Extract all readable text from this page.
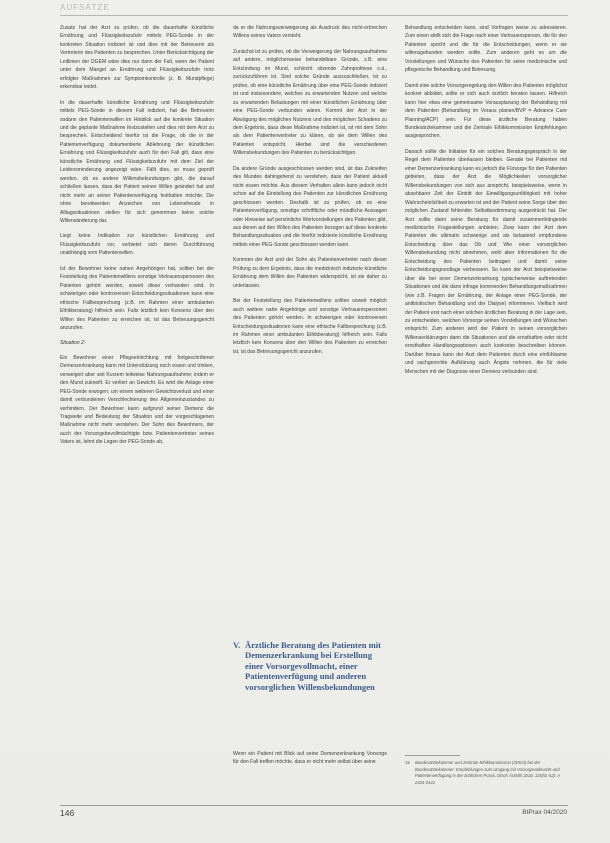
AUFSÄTZE

Zusatz hat der Arzt zu prüfen, ob die dauerhafte künstliche Ernährung und Flüssigkeitszufuhr mittels PEG-Sonde in der konkreten Situation indiziert ist und dies mit der Betreuerin als Vertreterin des Patienten zu besprechen. Unter Berücksichtigung der Leitlinien der DGEM wäre dies nur dann der Fall, wenn der Patient unter dem Mangel an Ernährung und Flüssigkeitszufuhr trotz erfolgter Maßnahmen zur Symptomkontrolle (z. B. Mundpflege) erkennbar leidet.

In die dauerhafte künstliche Ernährung und Flüssigkeitszufuhr mittels PEG-Sonde in diesem Fall indiziert, hat die Betreuerin sodann den Patientenwillen im Hinblick auf die konkrete Situation und die geplante Maßnahme festzustellen und dies mit dem Arzt zu besprechen. Entscheidend hierfür ist die Frage, ob die in der Patientenverfügung dokumentierte Ablehnung der künstlichen Ernährung und Flüssigkeitszufuhr auch für den Fall gilt, dass eine künstliche Ernährung und Flüssigkeitszufuhr mit dem Ziel der Leidensminderung angezeigt wäre. Fällt dies, so muss geprüft werden, ob es andere Willensbekundungen gibt, die darauf schließen lassen, dass der Patient seinen Willen geändert hat und nicht mehr an seiner Patientenverfügung festhalten möchte. Die ohne bereitwenten Anzeichen von Lebensfreude in Alltagssituationen stellen für sich genommen keine solche Willensänderung dar.

Liegt keine Indikation zur künstlichen Ernährung und Flüssigkeitszufuhr vor, verbietet sich deren Durchführung unabhängig vom Patientenwillen.

Ist der Bewohner keine nahen Angehörigen hat, sollten bei der Feststellung des Patientenwillens sonstige Vertrauenspersonen des Patienten gehört werden, soweit diese vorhanden sind. In schwierigen oder kontroversen Entscheidungssituationen kann eine ethische Fallbesprechung (z.B. im Rahmen einer ambulanten Ethikberatung) hilfreich sein. Falls letztlich kein Konsens über den Willen des Patienten zu erreichen ist, ist das Betreuungsgericht anzurufen.

Situation 2:

Ein Bewohner einer Pflegeeinrichtung mit fortgeschrittener Demenzerkrankung kann mit Unterstützung noch essen und trinken, verweigert aber seit Kurzem teilweise Nahrungsaufnahme; indem er den Mund zukneift. Er verliert an Gewicht. Es wird die Anlage einer PEG-Sonde erwogen; um einem weiteren Gewichtsverlust und einer damit verbundenen Verschlechterung des Allgemeinzustandes zu verhindern. Der Bewohner kann aufgrund seiner Demenz die Tragweite und Bedeutung der Situation und der vorgeschlagenen Maßnahme nicht mehr verstehen. Der Sohn des Bewohners, der auch der Vorsorgebevollmächtigte bzw. Patientenvertreter seines Vaters ist, lehnt die Legen der PEG-Sonde ab,

da er die Nahrungsverweigerung als Ausdruck des nicht-erbrechen Willens seines Vaters versteht.

Zunächst ist zu prüfen, ob die Verweigerung der Nahrungsaufnahme auf andere, möglicherweise behandelbare Gründe, z.B. eine Entzündung im Mund, schlecht sitzende Zahnprothese o.ä., zurückzuführen ist. Sind solche Gründe auszuschließen, ist zu prüfen, ob eine künstliche Ernährung über eine PEG-Sonde indiziert ist und insbesondere, welches zu erwartenden Nutzen und welche zu erwartenden Belastungen mit einer künstlichen Ernährung über eine PEG-Sonde verbunden wären. Kommt der Arzt in der Abwägung des möglichen Nutzens und des möglichen Schadens zu dem Ergebnis, dass diese Maßnahme indiziert ist, ist mit dem Sohn als dem Patientenvertreter zu klären, ob sie dem Willen des Patienten entspricht. Hierbei sind die verschiedenen Willensbekundungen des Patienten zu berücksichtigen.

Da andere Gründe ausgeschlossen werden sind, ist das Zukneifen des Mundes dahingehend zu verstehen, dass der Patient aktuell nicht essen möchte. Aus diesem Verhalten allein kann jedoch nicht schon auf die Einstellung des Patienten zur künstlichen Ernährung geschlossen werden. Deshalb ist zu prüfen, ob es eine Patientenverfügung, sonstige schriftliche oder mündliche Aussagen oder Hinweise auf persönliche Wertvorstellungen des Patienten gibt, aus denen auf den Willen des Patienten bezogen auf diese konkrete Behandlungssituation und die hierfür indizierte künstliche Ernährung mittels einer PEG-Sonde geschlossen werden kann.

Kommen der Arzt und der Sohn als Patientenvertreter nach dieser Prüfung zu dem Ergebnis, dass die medizinisch indizierte künstliche Ernährung dem Willen des Patienten widerspricht, ist sie daher zu unterlassen.

Bei der Feststellung des Patientenwillens sollten soweit möglich auch weitere nahe Angehörige und sonstige Vertrauenspersonen des Patienten gehört werden. In schwierigen oder kontroversen Entscheidungssituationen kann eine ethische Fallbesprechung (z.B. im Rahmen einer ambulanten Ethikberatung) hilfreich sein. Falls letztlich kein Konsens über den Willen des Patienten zu erreichen ist, ist das Betreuungsgericht anzurufen.

V. Ärztliche Beratung des Patienten mit Demenzerkrankung bei Erstellung einer Vorsorgevollmacht, einer Patientenverfügung und anderen vorsorglichen Willensbekundungen

Wenn ein Patient mit Blick auf seine Demenzerkrankung Vorsorge für den Fall treffen möchte, dass er nicht mehr selbst über seine

Behandlung entscheiden kann, sind Vorfragen weise zu adressieren. Zum einen stellt sich die Frage nach einer Vertrauensperson, die für den Patienten spricht und die für die Entscheidungen, wenn er sie willensgebunden werden sollte. Zum anderen geht es um die Vorstellungen und Wünsche des Patienten für seine medizinische und pflegerische Behandlung und Betreuung.

Damit eine solche Vorsorgeregelung den Willen des Patienten möglichst konkret abbildet, sollte er sich auch ärztlich beraten lassen. Hilfreich kann hier etwa eine gemeinsame Vorausplanung der Behandlung mit dem Patienten (Behandlung im Voraus planen/BVP = Advance Care Planning/ACP) sein. Für diese ärztliche Beratung haben Bundesärztekammer und die Zentrale Ethikkommission Empfehlungen ausgesprochen.

Danach sollte die Initiative für ein solches Beratungsgespräch in der Regel dem Patienten überlassen bleiben. Gerade bei Patienten mit einer Demenzerkrankung kann es jedoch die Fürsorge für den Patienten gebieten, dass der Arzt die Möglichkeiten vorsorglicher Willensbekundungen von sich aus anspricht, beispielsweise, wenn in absehbarer Zeit der Eintritt der Einwilligungsunfähigkeit mit hoher Wahrscheinlichkeit zu erwarten ist und der Patient seine Sorge über den möglichen Zustand fehlender Selbstbestimmung ausgedrückt hat. Der Arzt sollte dann seine Beratung für damit zusammenhängende medizinische Fragestellungen anbieten. Zwar kann der Arzt dem Patienten die ultimativ schwierige und als belastend empfundene Entscheidung über das Ob und Wie einer vorsorglichen Willensbekundung nicht abnehmen, wohl aber Informationen für die Entscheidung des Patienten beitragen und damit seine Entscheidungsgrundlage verbessern. So kann der Arzt beispielsweise über die bei einer Demenzerkrankung typischerweise auftretenden Situationen und die dann infrage kommenden Behandlungsmaßnahmen (wie z.B. Fragen der Ernährung, der Anlage einer PEG-Sonde, der antibiotischen Behandlung und der Dialyse) informieren. Vielfach wird der Patient erst nach einer solchen ärztlichen Beratung in der Lage sein, zu entscheiden, welchen Vorsorge seinen Vorstellungen und Wünschen entspricht. Zum anderen wird der Patient in seinen vorsorglichen Willenserklärungen dann die Situationen und die ernsthaften oder nicht ernsthaften Handlungsoptionen auch konkreter beschreiben können. Darüber hinaus kann der Arzt dem Patienten durch eine einfühlsame und sachgerechte Aufklärung auch Ängste nehmen, die für viele Menschen mit der Diagnose einer Demenz verbunden sind.

19 Bundesärztekammer und Zentrale Ethikkommission (ZEKO) bei der Bundesärztekammer: Empfehlungen zum Umgang mit Vorsorgevollmacht und Patientenverfügung in der ärztlichen Praxis, Dtsch Ärztebl 2018; 115(51-52): A 2434-2441
146	BtPrax 04/2020
